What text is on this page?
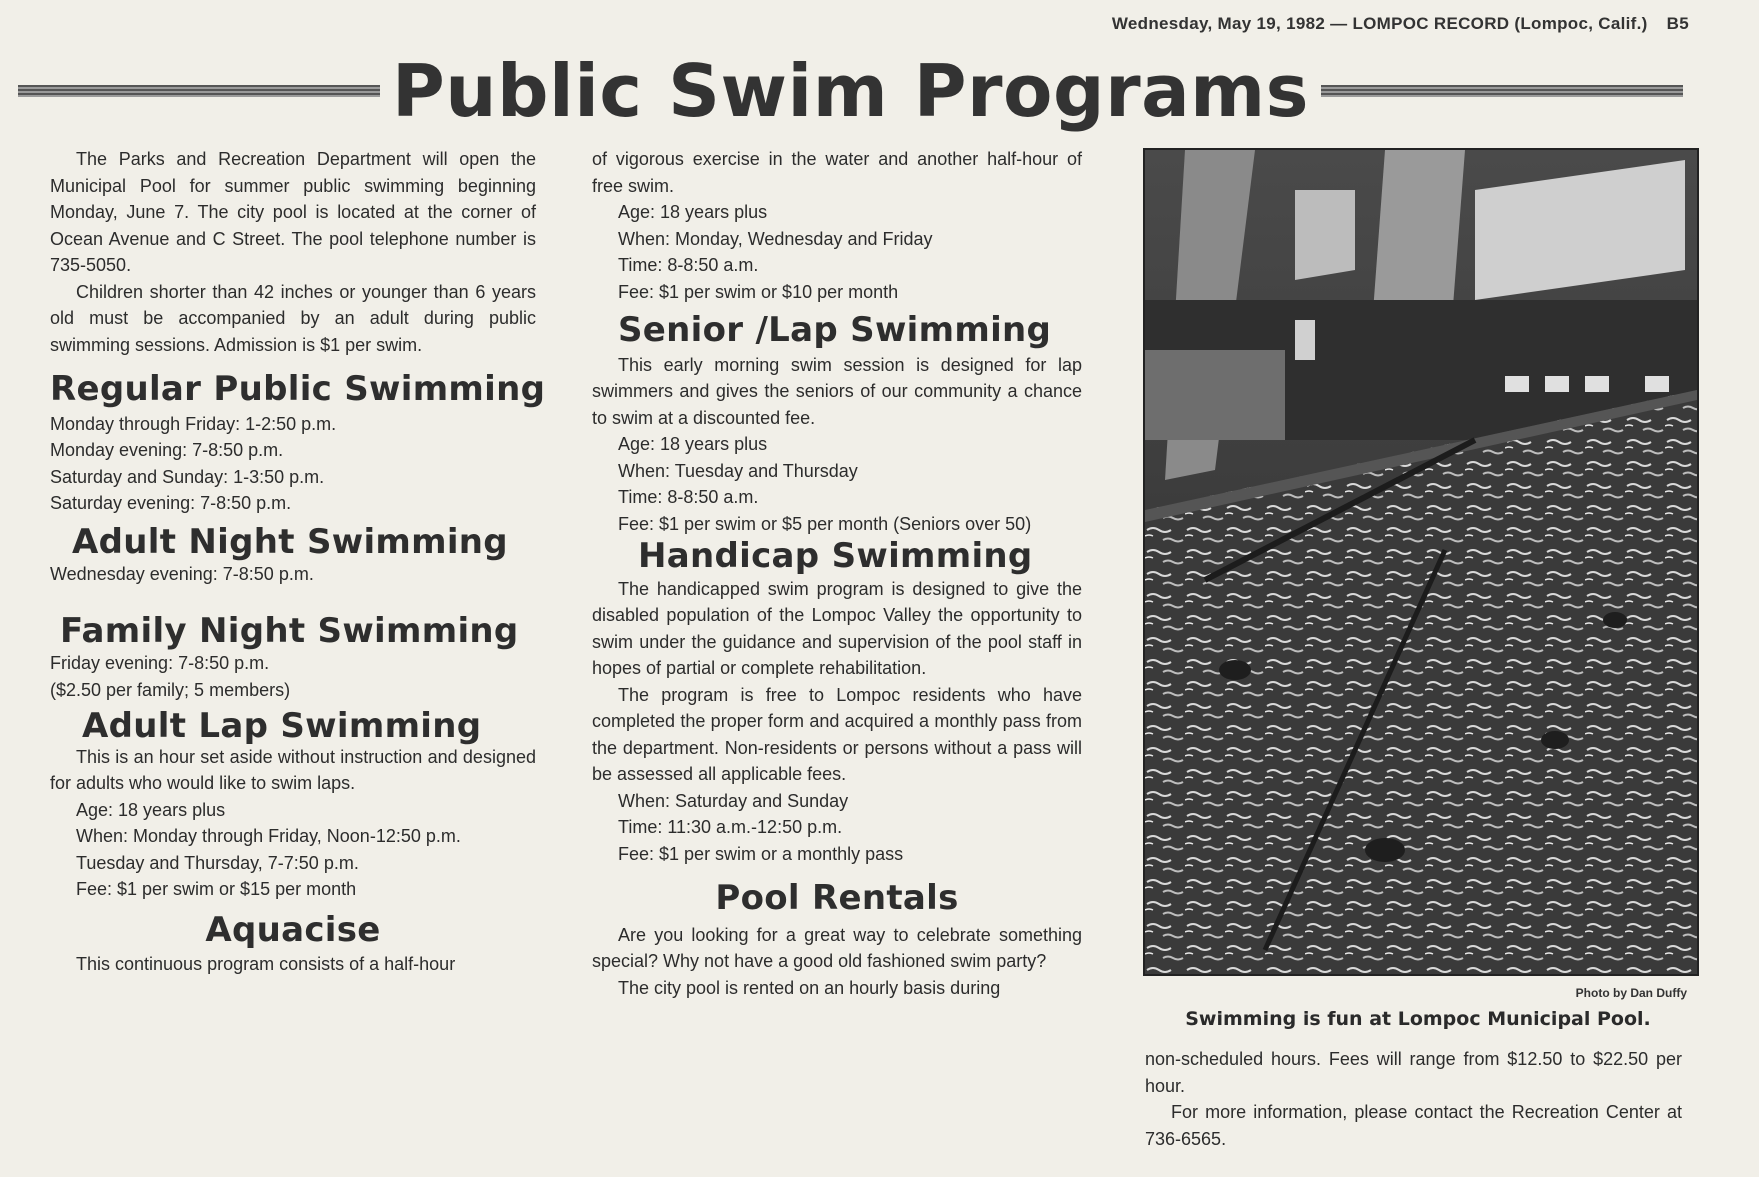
Wednesday, May 19, 1982 — LOMPOC RECORD (Lompoc, Calif.) B5
Public Swim Programs

The Parks and Recreation Department will open the Municipal Pool for summer public swimming beginning Monday, June 7. The city pool is located at the corner of Ocean Avenue and C Street. The pool telephone number is 735-5050.

Children shorter than 42 inches or younger than 6 years old must be accompanied by an adult during public swimming sessions. Admission is $1 per swim.

Regular Public Swimming

Monday through Friday: 1-2:50 p.m.

Monday evening: 7-8:50 p.m.

Saturday and Sunday: 1-3:50 p.m.

Saturday evening: 7-8:50 p.m.

Adult Night Swimming

Wednesday evening: 7-8:50 p.m.

Family Night Swimming

Friday evening: 7-8:50 p.m.

($2.50 per family; 5 members)

Adult Lap Swimming

This is an hour set aside without instruction and designed for adults who would like to swim laps.

Age: 18 years plus

When: Monday through Friday, Noon-12:50 p.m.

Tuesday and Thursday, 7-7:50 p.m.

Fee: $1 per swim or $15 per month

Aquacise

This continuous program consists of a half-hour

of vigorous exercise in the water and another half-hour of free swim.

Age: 18 years plus

When: Monday, Wednesday and Friday

Time: 8-8:50 a.m.

Fee: $1 per swim or $10 per month

Senior /Lap Swimming

This early morning swim session is designed for lap swimmers and gives the seniors of our community a chance to swim at a discounted fee.

Age: 18 years plus

When: Tuesday and Thursday

Time: 8-8:50 a.m.

Fee: $1 per swim or $5 per month (Seniors over 50)

Handicap Swimming

The handicapped swim program is designed to give the disabled population of the Lompoc Valley the opportunity to swim under the guidance and supervision of the pool staff in hopes of partial or complete rehabilitation.

The program is free to Lompoc residents who have completed the proper form and acquired a monthly pass from the department. Non-residents or persons without a pass will be assessed all applicable fees.

When: Saturday and Sunday

Time: 11:30 a.m.-12:50 p.m.

Fee: $1 per swim or a monthly pass

Pool Rentals

Are you looking for a great way to celebrate something special? Why not have a good old fashioned swim party?

The city pool is rented on an hourly basis during	Photo by Dan Duffy
Swimming is fun at Lompoc Municipal Pool.

non-scheduled hours. Fees will range from $12.50 to $22.50 per hour.

For more information, please contact the Recreation Center at 736-6565.
